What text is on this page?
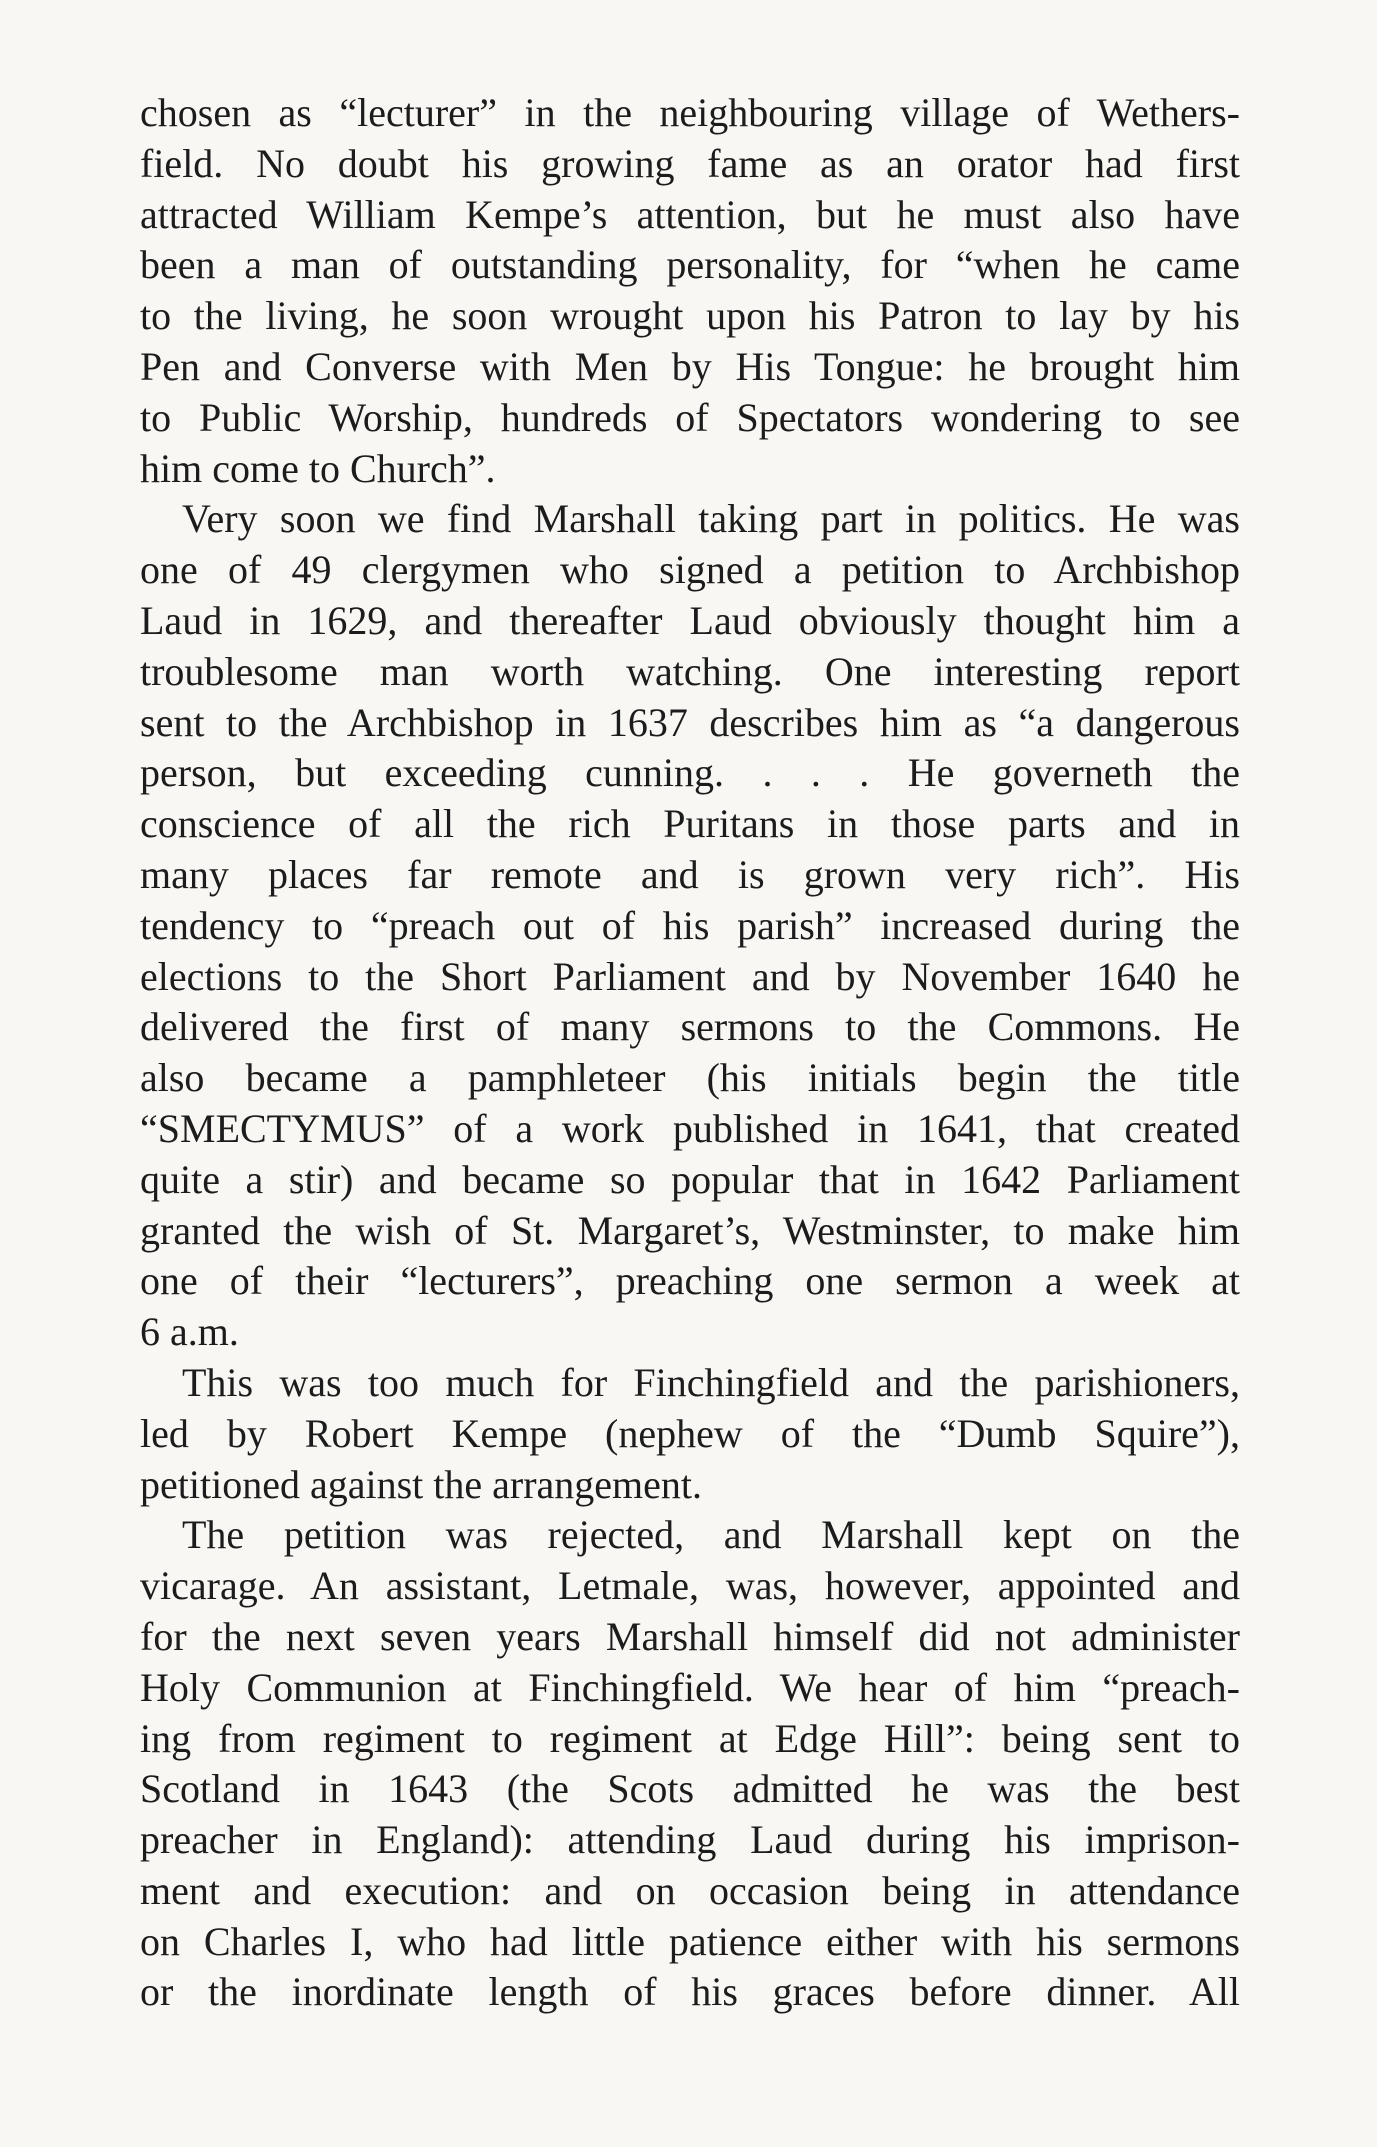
chosen as “lecturer” in the neighbouring village of Wethers-
field. No doubt his growing fame as an orator had first
attracted William Kempe’s attention, but he must also have
been a man of outstanding personality, for “when he came
to the living, he soon wrought upon his Patron to lay by his
Pen and Converse with Men by His Tongue: he brought him
to Public Worship, hundreds of Spectators wondering to see
him come to Church”.
Very soon we find Marshall taking part in politics. He was
one of 49 clergymen who signed a petition to Archbishop
Laud in 1629, and thereafter Laud obviously thought him a
troublesome man worth watching. One interesting report
sent to the Archbishop in 1637 describes him as “a dangerous
person, but exceeding cunning. . . . He governeth the
conscience of all the rich Puritans in those parts and in
many places far remote and is grown very rich”. His
tendency to “preach out of his parish” increased during the
elections to the Short Parliament and by November 1640 he
delivered the first of many sermons to the Commons. He
also became a pamphleteer (his initials begin the title
“SMECTYMUS” of a work published in 1641, that created
quite a stir) and became so popular that in 1642 Parliament
granted the wish of St. Margaret’s, Westminster, to make him
one of their “lecturers”, preaching one sermon a week at
6 a.m.
This was too much for Finchingfield and the parishioners,
led by Robert Kempe (nephew of the “Dumb Squire”),
petitioned against the arrangement.
The petition was rejected, and Marshall kept on the
vicarage. An assistant, Letmale, was, however, appointed and
for the next seven years Marshall himself did not administer
Holy Communion at Finchingfield. We hear of him “preach-
ing from regiment to regiment at Edge Hill”: being sent to
Scotland in 1643 (the Scots admitted he was the best
preacher in England): attending Laud during his imprison-
ment and execution: and on occasion being in attendance
on Charles I, who had little patience either with his sermons
or the inordinate length of his graces before dinner. All
